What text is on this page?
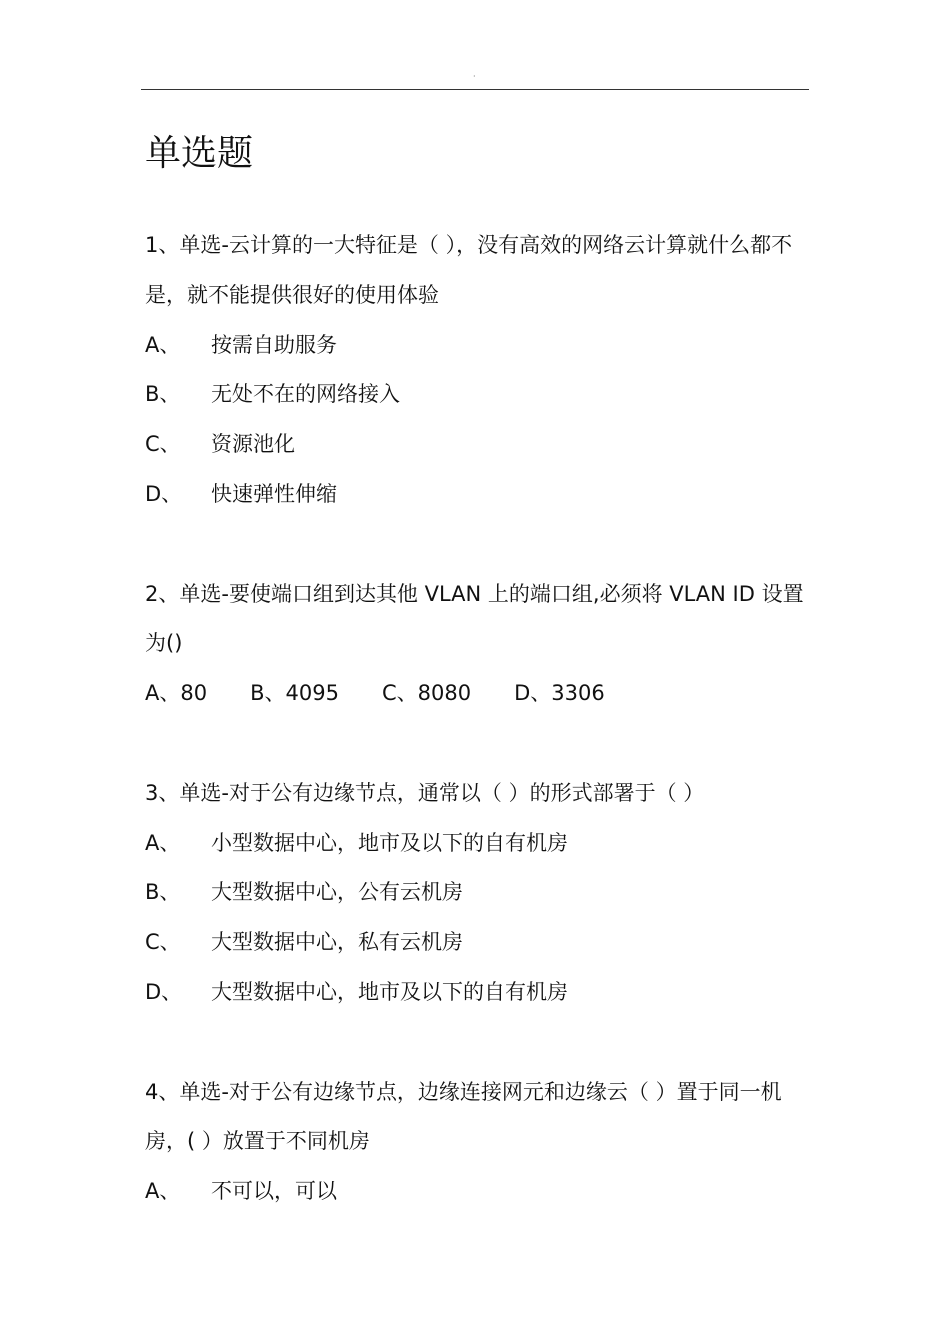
·
单选题

1、单选-云计算的一大特征是（ ），没有高效的网络云计算就什么都不是，就不能提供很好的使用体验

A、	按需自助服务
B、	无处不在的网络接入
C、	资源池化
D、	快速弹性伸缩

2、单选-要使端口组到达其他 VLAN 上的端口组,必须将 VLAN ID 设置为()

A、80 B、4095 C、8080 D、3306

3、单选-对于公有边缘节点，通常以（ ）的形式部署于（ ）

A、	小型数据中心，地市及以下的自有机房
B、	大型数据中心，公有云机房
C、	大型数据中心，私有云机房
D、	大型数据中心，地市及以下的自有机房

4、单选-对于公有边缘节点，边缘连接网元和边缘云（ ）置于同一机房，( ）放置于不同机房

A、	不可以，可以
